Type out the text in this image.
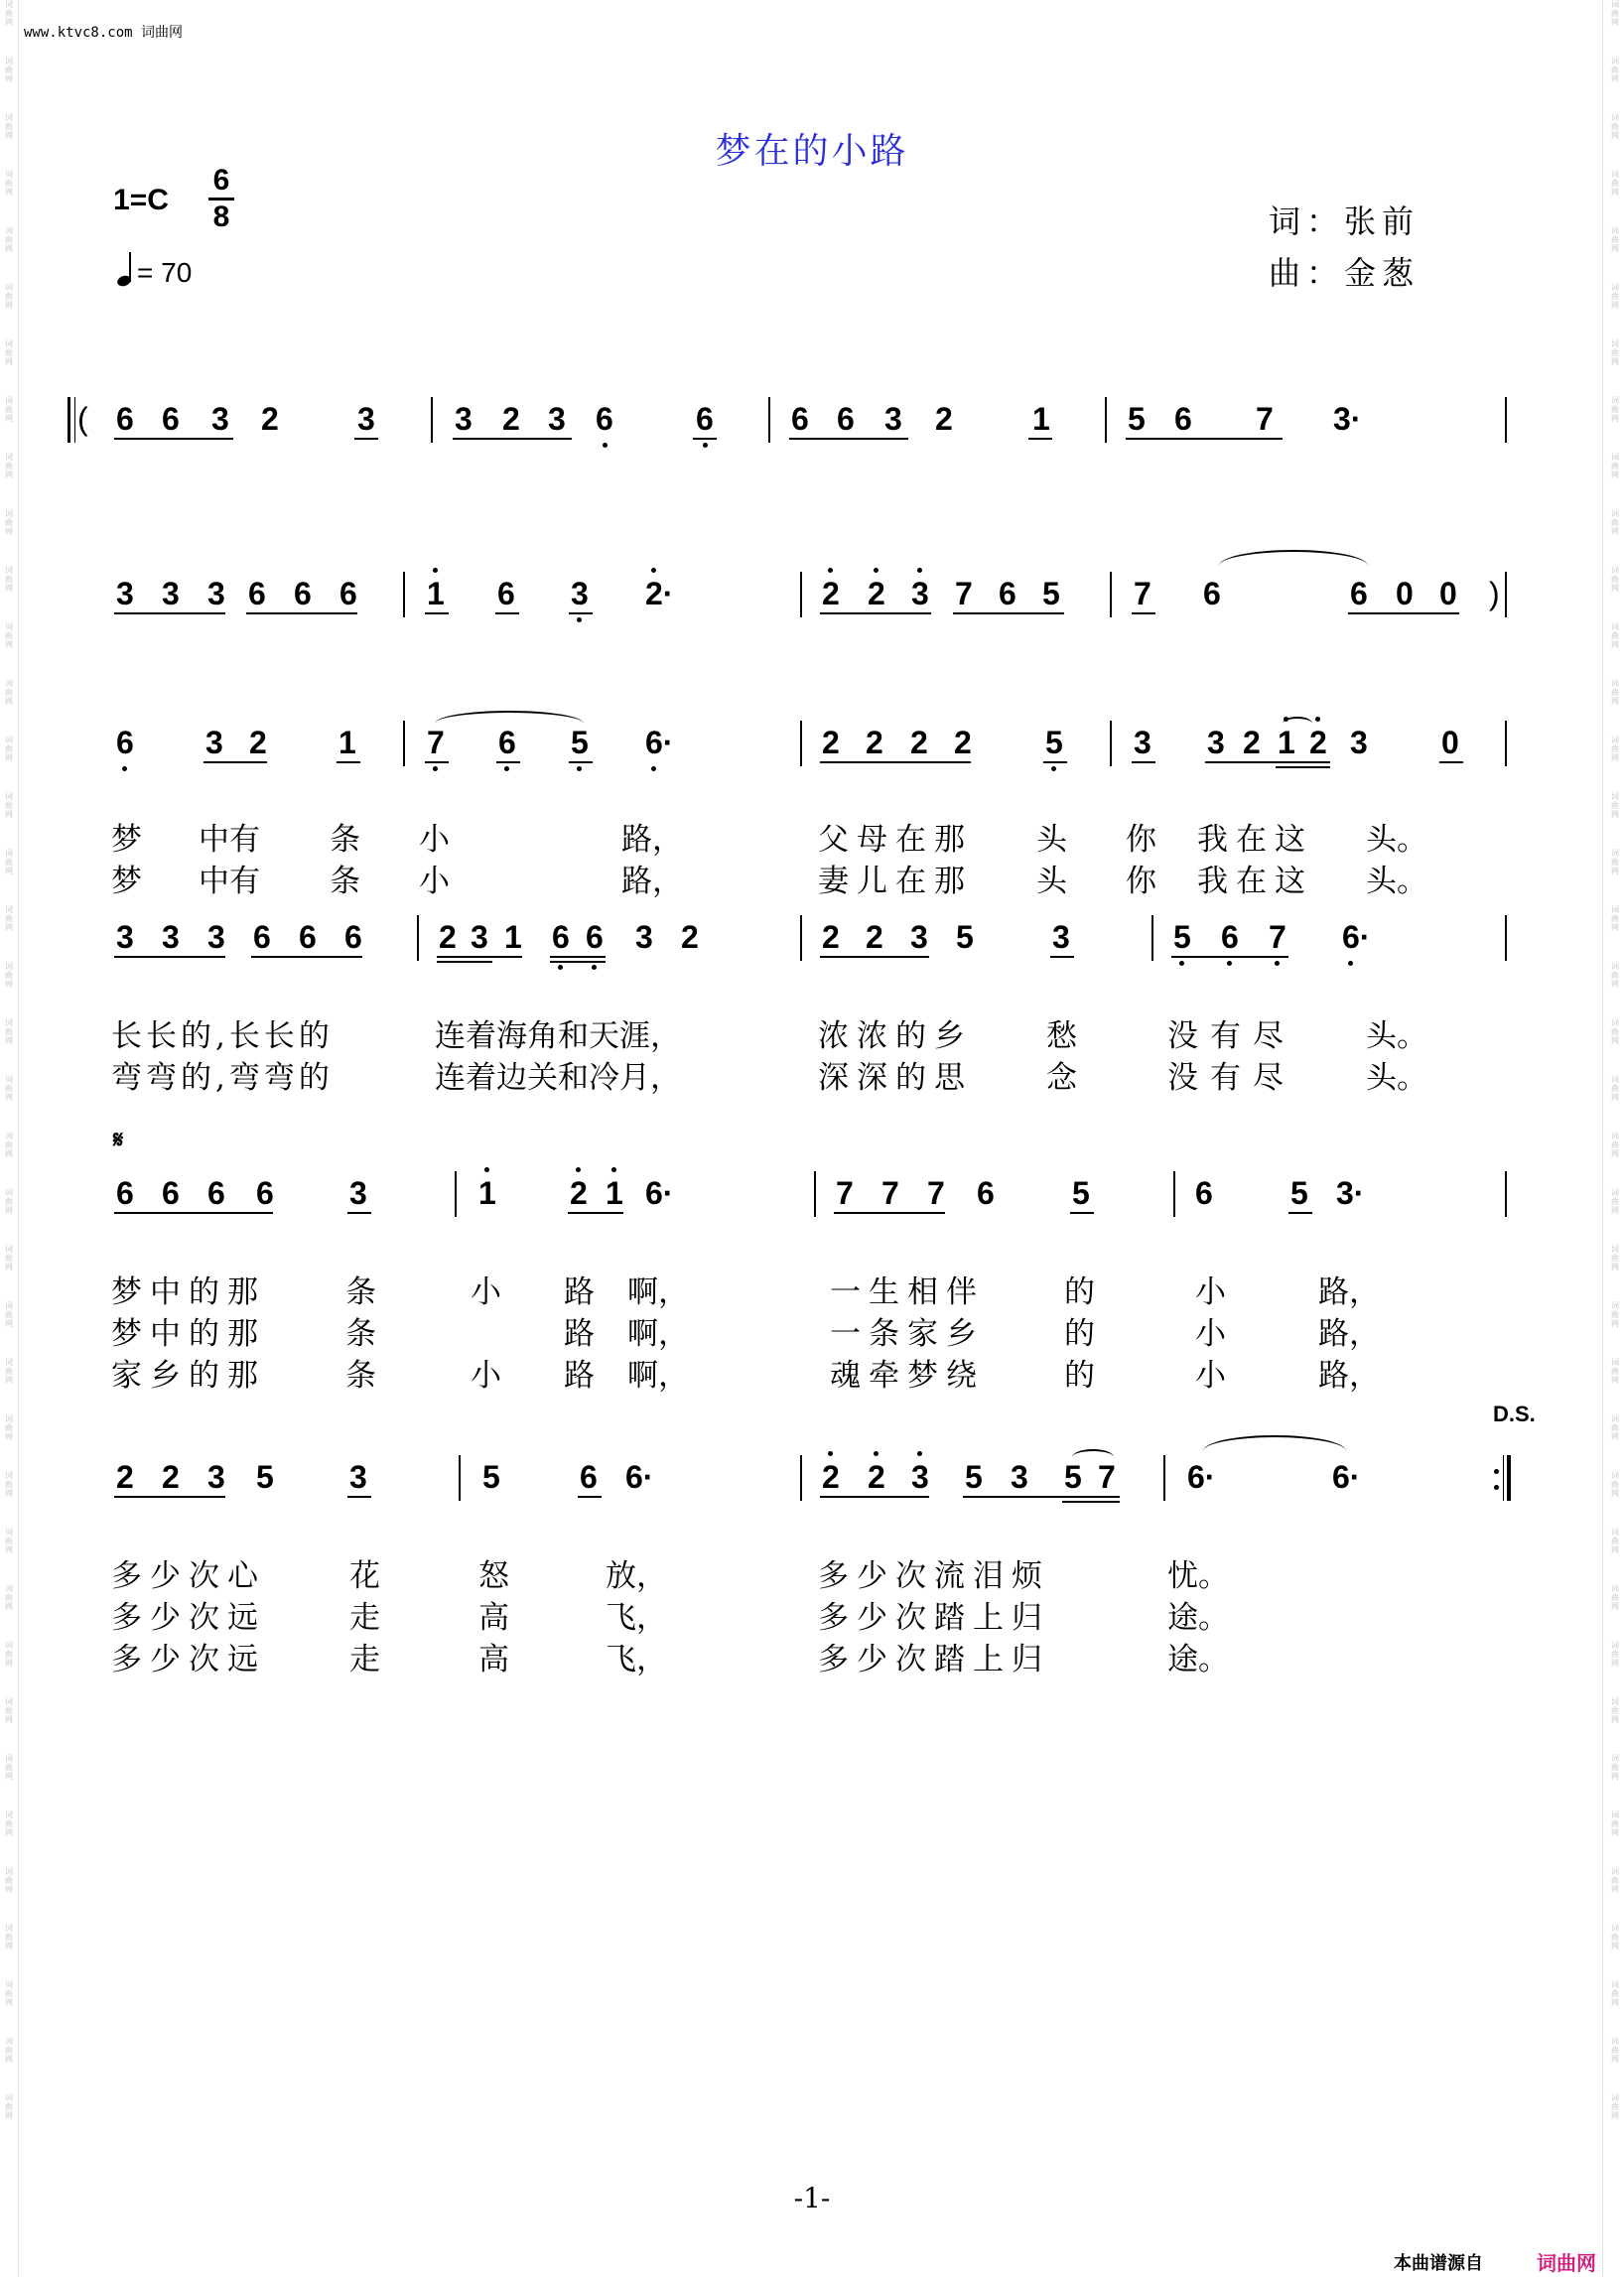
词
曲
网
词
曲
网
词
曲
网
词
曲
网
词
曲
网
词
曲
网
词
曲
网
词
曲
网
词
曲
网
词
曲
网
词
曲
网
词
曲
网
词
曲
网
词
曲
网
词
曲
网
词
曲
网
词
曲
网
词
曲
网
词
曲
网
词
曲
网
词
曲
网
词
曲
网
词
曲
网
词
曲
网
词
曲
网
词
曲
网
词
曲
网
词
曲
网
词
曲
网
词
曲
网
词
曲
网
词
曲
网
词
曲
网
词
曲
网
词
曲
网
词
曲
网
词
曲
网
词
曲
网
词
曲
网
词
曲
网
词
曲
网
词
曲
网
词
曲
网
词
曲
网
词
曲
网
词
曲
网
词
曲
网
词
曲
网
词
曲
网
词
曲
网
词
曲
网
词
曲
网
词
曲
网
词
曲
网
词
曲
网
词
曲
网
词
曲
网
词
曲
网
词
曲
网
词
曲
网
词
曲
网
词
曲
网
词
曲
网
词
曲
网
词
曲
网
词
曲
网
词
曲
网
词
曲
网
词
曲
网
词
曲
网
词
曲
网
词
曲
网
词
曲
网
词
曲
网
词
曲
网
词
曲
网
www.ktvc8.com 词曲网
梦在的小路
1=C
6
8
= 70
词：张前
曲：金葱
( 6 6 3 2 3	3 2 3 6	6 6 6 3 2	1 5 6 7 3·
3 3 3 6 6 6 1 6 3 2·	2 2 3 7 6 5 7 6	6 0 0 )
6 3 2 1 7 6 5 6·	2 2 2 2 5 3 3 2 1 2 3 0

梦 中有 条 小	路，	父母在那 头 你 我在这 头。

梦 中有 条 小	路，	妻儿在那 头 你 我在这 头。

3 3 3 6 6 6 2 3 1 6 6 3 2	2 2 3 5 3	5 6 7 6·

长长的,长长的	连着海角和天涯，	浓浓的乡 愁	没有尽 头。

弯弯的,弯弯的	连着边关和冷月，	深深的思 念	没有尽 头。

𝄋
6 6 6 6 3	1 2 1 6·	7 7 7 6 5	6 5 3·

梦中的那	条	小 路 啊，	一生相伴	的	小	路，

梦中的那	条	路 啊，	一条家乡	的	小	路，

家乡的那	条	小 路 啊，	魂牵梦绕	的	小	路，

D.S.
2 2 3 5 3	5	6 6·	2 2 3 5 3 5 7 6·	6·

多少次心	花	怒	放，	多少次流泪烦	忧。

多少次远	走	高	飞，	多少次踏上归	途。

多少次远	走	高	飞，	多少次踏上归	途。

-1-
本曲谱源自	词曲网
